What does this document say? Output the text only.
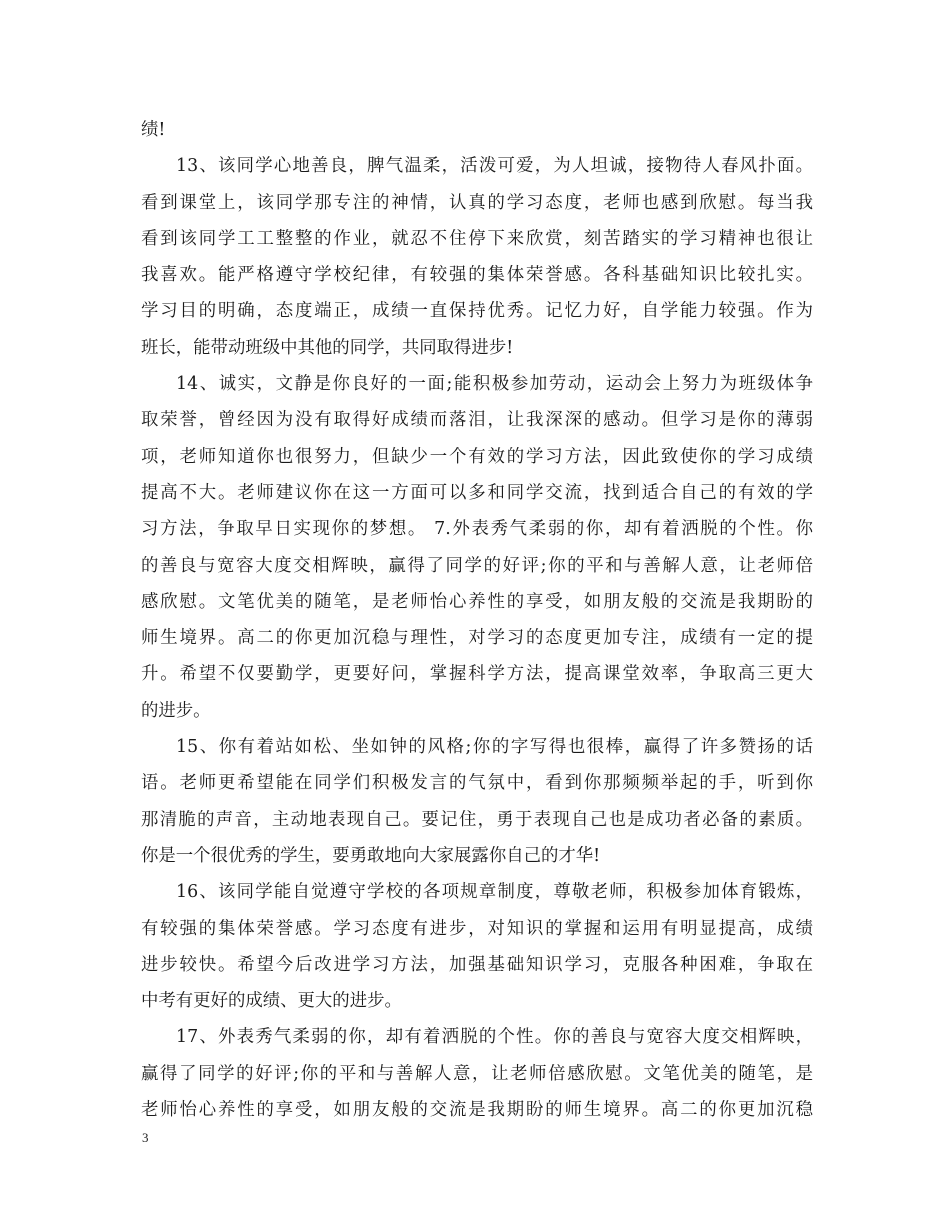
绩!
13、该同学心地善良，脾气温柔，活泼可爱，为人坦诚，接物待人春风扑面。
看到课堂上，该同学那专注的神情，认真的学习态度，老师也感到欣慰。每当我
看到该同学工工整整的作业，就忍不住停下来欣赏，刻苦踏实的学习精神也很让
我喜欢。能严格遵守学校纪律，有较强的集体荣誉感。各科基础知识比较扎实。
学习目的明确，态度端正，成绩一直保持优秀。记忆力好，自学能力较强。作为
班长，能带动班级中其他的同学，共同取得进步!
14、诚实，文静是你良好的一面;能积极参加劳动，运动会上努力为班级体争
取荣誉，曾经因为没有取得好成绩而落泪，让我深深的感动。但学习是你的薄弱
项，老师知道你也很努力，但缺少一个有效的学习方法，因此致使你的学习成绩
提高不大。老师建议你在这一方面可以多和同学交流，找到适合自己的有效的学
习方法，争取早日实现你的梦想。 7.外表秀气柔弱的你，却有着洒脱的个性。你
的善良与宽容大度交相辉映，赢得了同学的好评;你的平和与善解人意，让老师倍
感欣慰。文笔优美的随笔，是老师怡心养性的享受，如朋友般的交流是我期盼的
师生境界。高二的你更加沉稳与理性，对学习的态度更加专注，成绩有一定的提
升。希望不仅要勤学，更要好问，掌握科学方法，提高课堂效率，争取高三更大
的进步。
15、你有着站如松、坐如钟的风格;你的字写得也很棒，赢得了许多赞扬的话
语。老师更希望能在同学们积极发言的气氛中，看到你那频频举起的手，听到你
那清脆的声音，主动地表现自己。要记住，勇于表现自己也是成功者必备的素质。
你是一个很优秀的学生，要勇敢地向大家展露你自己的才华!
16、该同学能自觉遵守学校的各项规章制度，尊敬老师，积极参加体育锻炼，
有较强的集体荣誉感。学习态度有进步，对知识的掌握和运用有明显提高，成绩
进步较快。希望今后改进学习方法，加强基础知识学习，克服各种困难，争取在
中考有更好的成绩、更大的进步。
17、外表秀气柔弱的你，却有着洒脱的个性。你的善良与宽容大度交相辉映，
赢得了同学的好评;你的平和与善解人意，让老师倍感欣慰。文笔优美的随笔，是
老师怡心养性的享受，如朋友般的交流是我期盼的师生境界。高二的你更加沉稳
3
